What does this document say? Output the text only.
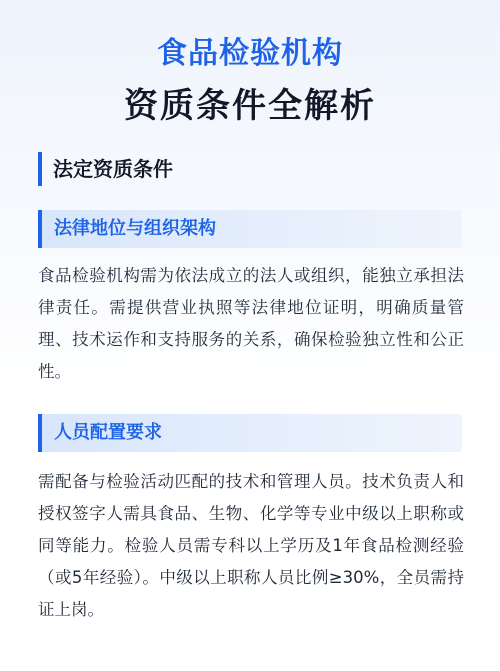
食品检验机构
资质条件全解析
法定资质条件
法律地位与组织架构

食品检验机构需为依法成立的法人或组织，能独立承担法律责任。需提供营业执照等法律地位证明，明确质量管理、技术运作和支持服务的关系，确保检验独立性和公正性。

人员配置要求

需配备与检验活动匹配的技术和管理人员。技术负责人和授权签字人需具食品、生物、化学等专业中级以上职称或同等能力。检验人员需专科以上学历及1年食品检测经验（或5年经验）。中级以上职称人员比例≥30%，全员需持证上岗。
